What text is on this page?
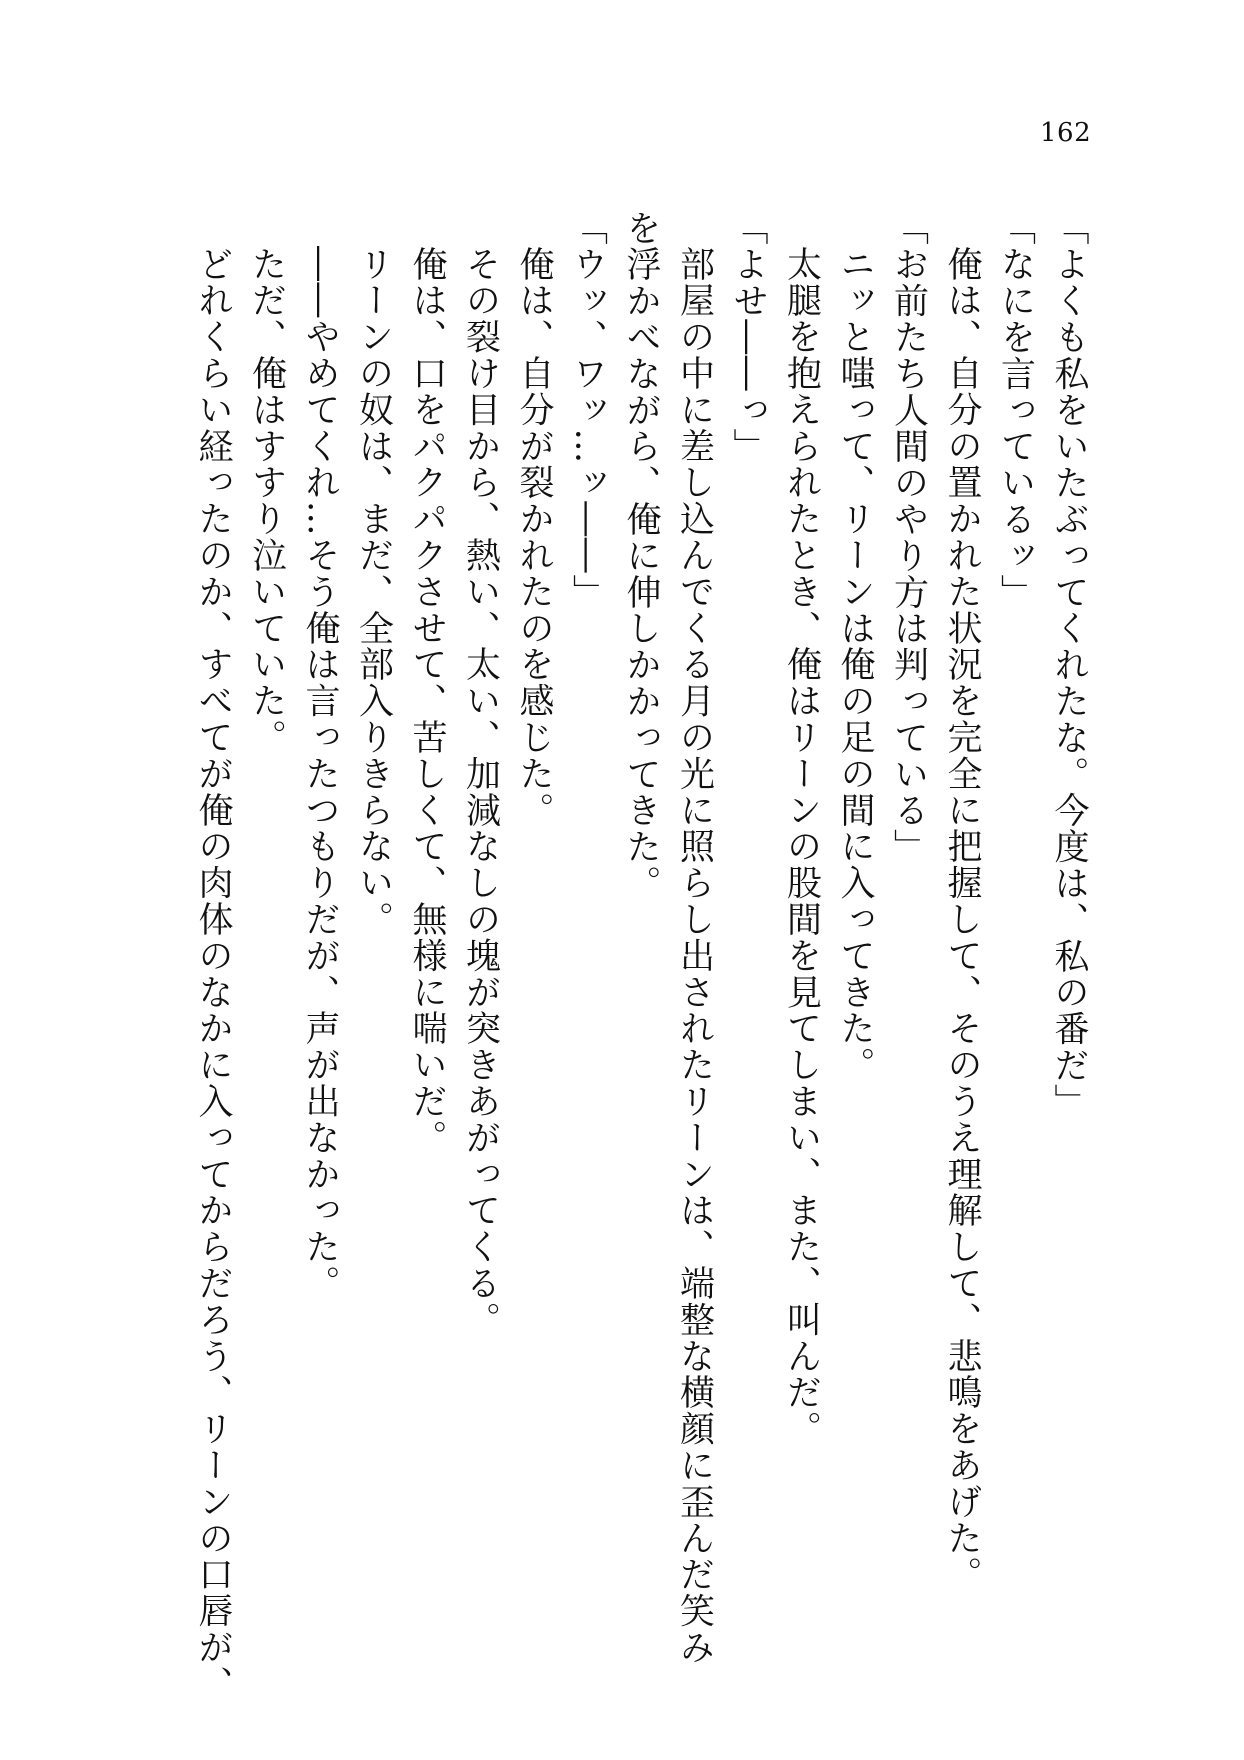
162
「よくも私をいたぶってくれたな。今度は、私の番だ」
「なにを言っているッ」
俺は、自分の置かれた状況を完全に把握して、そのうえ理解して、悲鳴をあげた。
「お前たち人間のやり方は判っている」
ニッと嗤って、リーンは俺の足の間に入ってきた。
太腿を抱えられたとき、俺はリーンの股間を見てしまい、また、叫んだ。
「よせ――っ」
部屋の中に差し込んでくる月の光に照らし出されたリーンは、端整な横顔に歪んだ笑み
を浮かべながら、俺に伸しかかってきた。
「ウッ、ワッ…ッ――」
俺は、自分が裂かれたのを感じた。
その裂け目から、熱い、太い、加減なしの塊が突きあがってくる。
俺は、口をパクパクさせて、苦しくて、無様に喘いだ。
リーンの奴は、まだ、全部入りきらない。
――やめてくれ…そう俺は言ったつもりだが、声が出なかった。
ただ、俺はすすり泣いていた。
どれくらい経ったのか、すべてが俺の肉体のなかに入ってからだろう、リーンの口唇が、
